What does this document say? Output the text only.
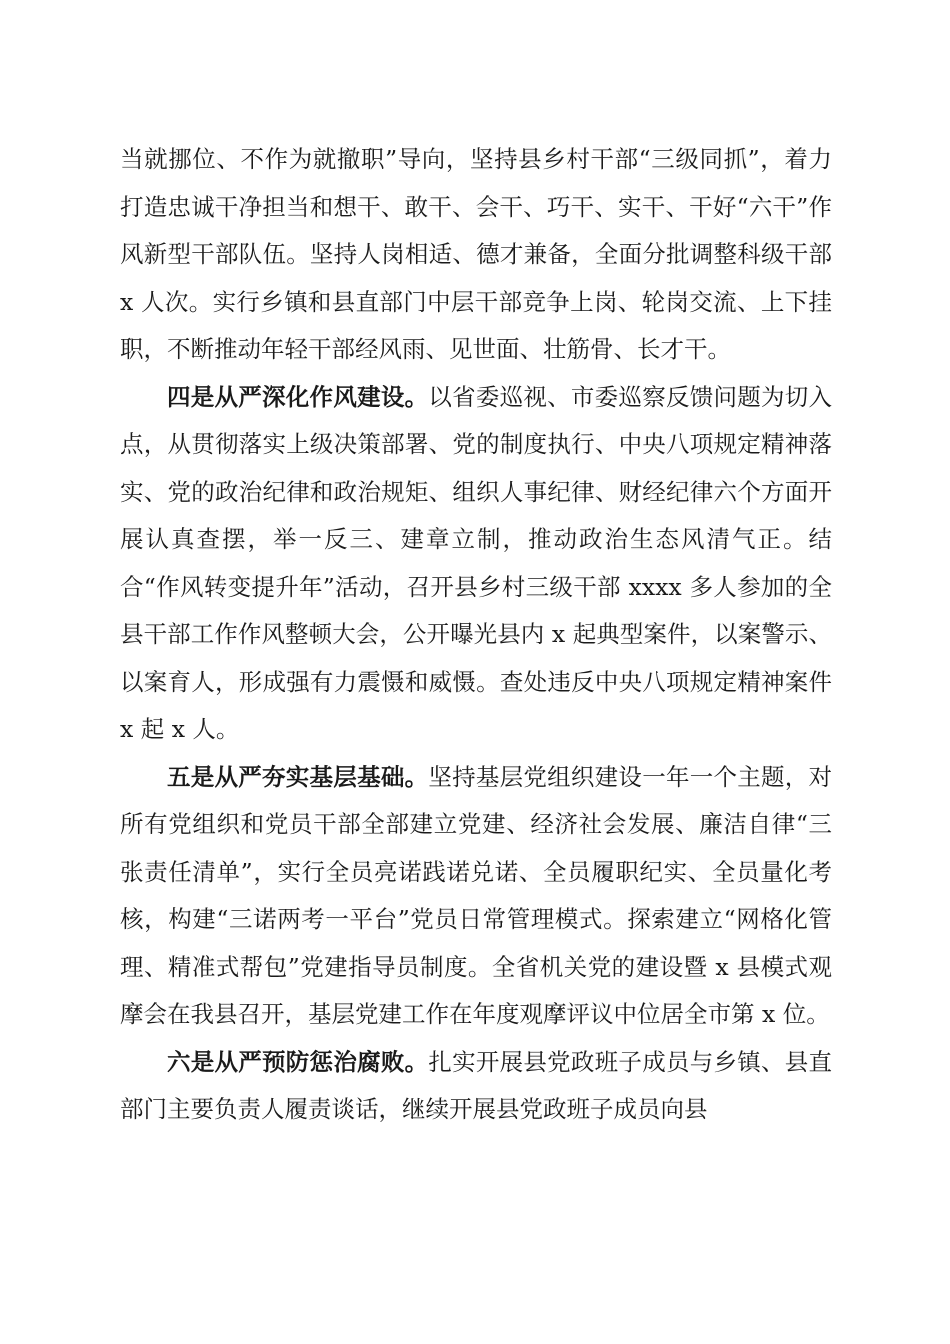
当就挪位、不作为就撤职”导向，坚持县乡村干部“三级同抓”，着力打造忠诚干净担当和想干、敢干、会干、巧干、实干、干好“六干”作风新型干部队伍。坚持人岗相适、德才兼备，全面分批调整科级干部 x 人次。实行乡镇和县直部门中层干部竞争上岗、轮岗交流、上下挂职，不断推动年轻干部经风雨、见世面、壮筋骨、长才干。

四是从严深化作风建设。以省委巡视、市委巡察反馈问题为切入点，从贯彻落实上级决策部署、党的制度执行、中央八项规定精神落实、党的政治纪律和政治规矩、组织人事纪律、财经纪律六个方面开展认真查摆，举一反三、建章立制，推动政治生态风清气正。结合“作风转变提升年”活动，召开县乡村三级干部 xxxx 多人参加的全县干部工作作风整顿大会，公开曝光县内 x 起典型案件，以案警示、以案育人，形成强有力震慑和威慑。查处违反中央八项规定精神案件 x 起 x 人。

五是从严夯实基层基础。坚持基层党组织建设一年一个主题，对所有党组织和党员干部全部建立党建、经济社会发展、廉洁自律“三张责任清单”，实行全员亮诺践诺兑诺、全员履职纪实、全员量化考核，构建“三诺两考一平台”党员日常管理模式。探索建立“网格化管理、精准式帮包”党建指导员制度。全省机关党的建设暨 x 县模式观摩会在我县召开，基层党建工作在年度观摩评议中位居全市第 x 位。

六是从严预防惩治腐败。扎实开展县党政班子成员与乡镇、县直部门主要负责人履责谈话，继续开展县党政班子成员向县
